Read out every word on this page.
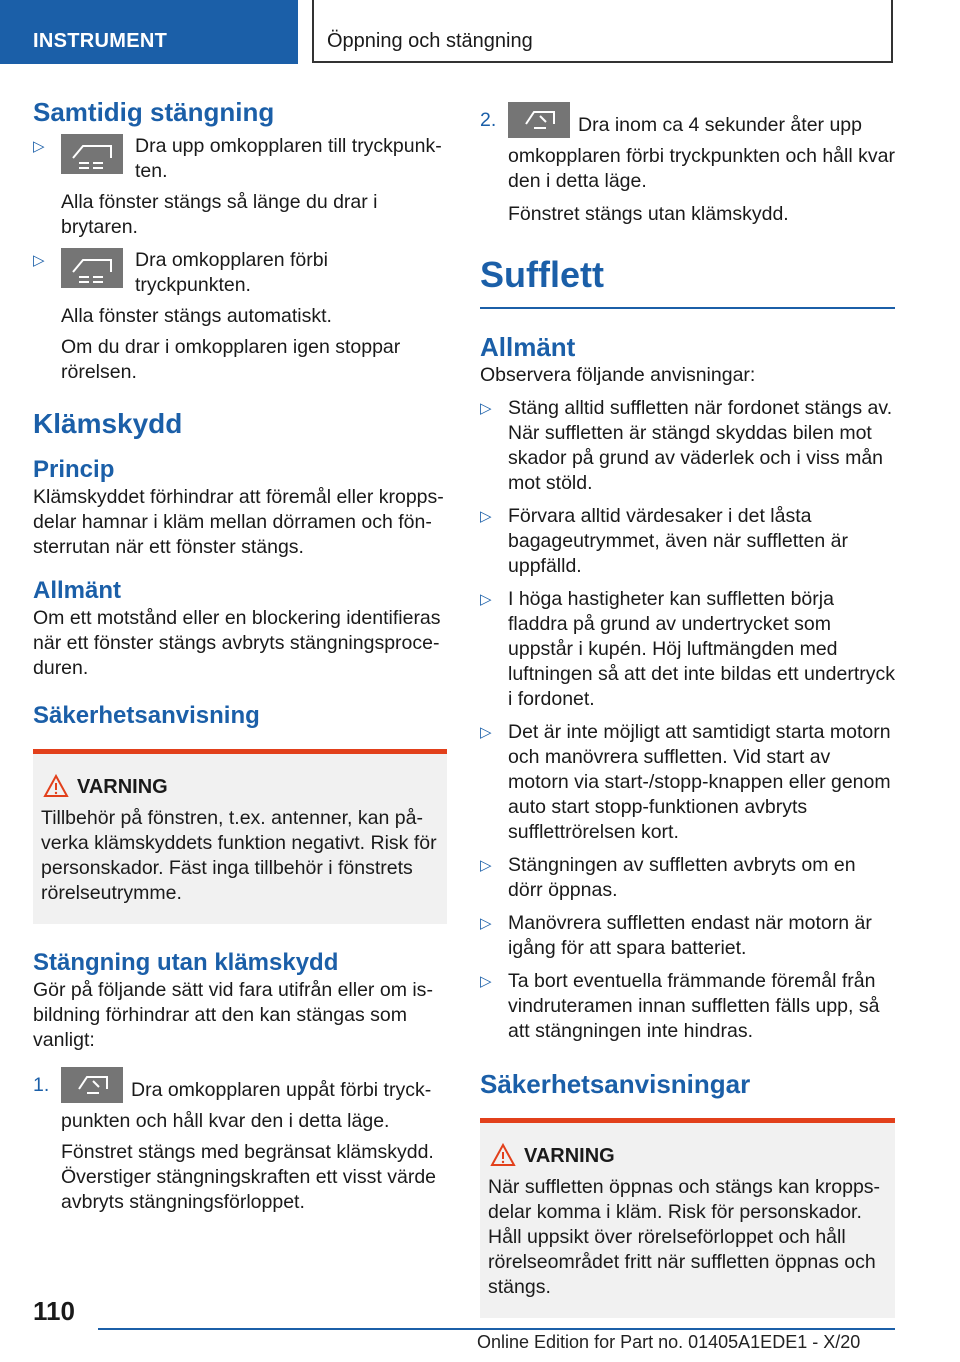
INSTRUMENT	Öppning och stängning
Samtidig stängning
▷	Dra upp omkopplaren till tryckpunkten.

Alla fönster stängs så länge du drar i brytaren.

▷	Dra omkopplaren förbi tryckpunkten.

Alla fönster stängs automatiskt.

Om du drar i omkopplaren igen stoppar rörelsen.

Klämskydd
Princip

Klämskyddet förhindrar att föremål eller kroppsdelar hamnar i kläm mellan dörramen och fönsterrutan när ett fönster stängs.

Allmänt

Om ett motstånd eller en blockering identifieras när ett fönster stängs avbryts stängningsproceduren.

Säkerhetsanvisning
VARNING

Tillbehör på fönstren, t.ex. antenner, kan påverka klämskyddets funktion negativt. Risk för personskador. Fäst inga tillbehör i fönstrets rörelseutrymme.

Stängning utan klämskydd

Gör på följande sätt vid fara utifrån eller om isbildning förhindrar att den kan stängas som vanligt:

1.	Dra omkopplaren uppåt förbi tryckpunkten och håll kvar den i detta läge.

Fönstret stängs med begränsat klämskydd. Överstiger stängningskraften ett visst värde avbryts stängningsförloppet.

2.	Dra inom ca 4 sekunder åter upp omkopplaren förbi tryckpunkten och håll kvar den i detta läge.

Fönstret stängs utan klämskydd.

Sufflett
Allmänt

Observera följande anvisningar:

▷ Stäng alltid suffletten när fordonet stängs av. När suffletten är stängd skyddas bilen mot skador på grund av väderlek och i viss mån mot stöld.

▷ Förvara alltid värdesaker i det låsta bagageutrymmet, även när suffletten är uppfälld.

▷ I höga hastigheter kan suffletten börja fladdra på grund av undertrycket som uppstår i kupén. Höj luftmängden med luftningen så att det inte bildas ett undertryck i fordonet.

▷ Det är inte möjligt att samtidigt starta motorn och manövrera suffletten. Vid start av motorn via start-/stopp-knappen eller genom auto start stopp-funktionen avbryts sufflettrörelsen kort.

▷ Stängningen av suffletten avbryts om en dörr öppnas.

▷ Manövrera suffletten endast när motorn är igång för att spara batteriet.

▷ Ta bort eventuella främmande föremål från vindruteramen innan suffletten fälls upp, så att stängningen inte hindras.

Säkerhetsanvisningar
VARNING

När suffletten öppnas och stängs kan kroppsdelar komma i kläm. Risk för personskador. Håll uppsikt över rörelseförloppet och håll rörelseområdet fritt när suffletten öppnas och stängs.

110
Online Edition for Part no. 01405A1EDE1 - X/20
